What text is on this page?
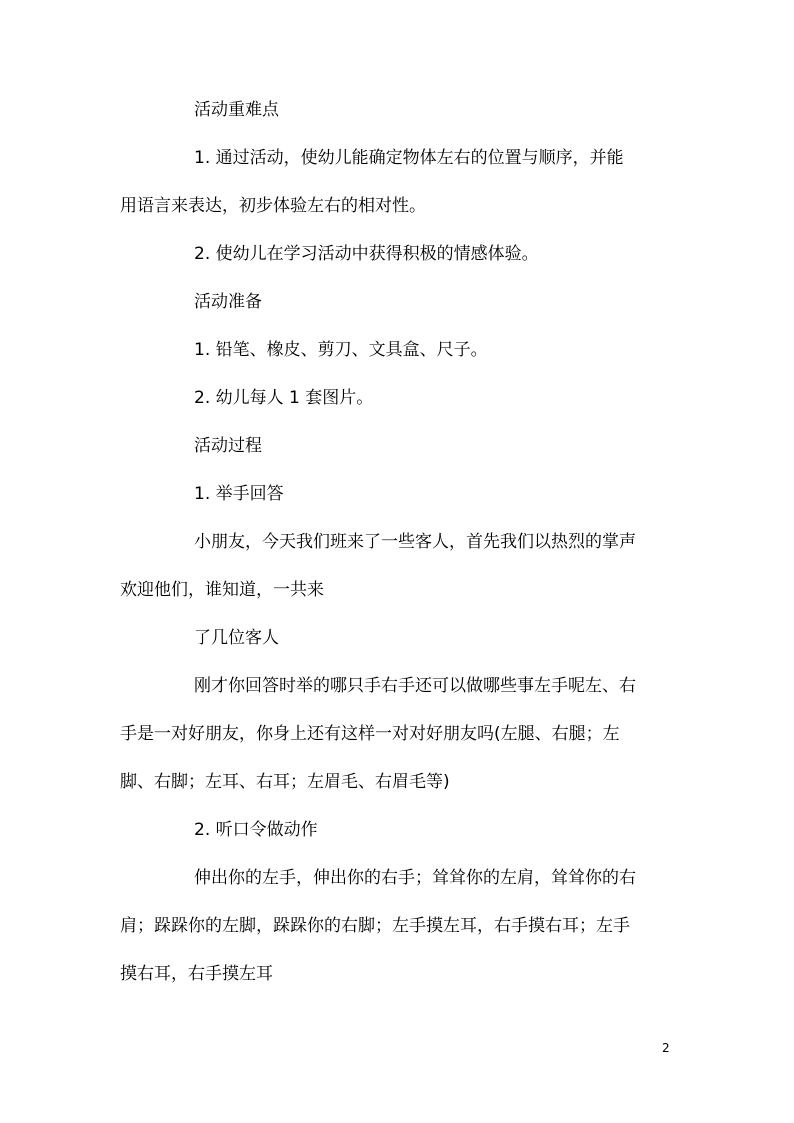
活动重难点

1. 通过活动，使幼儿能确定物体左右的位置与顺序，并能
用语言来表达，初步体验左右的相对性。

2. 使幼儿在学习活动中获得积极的情感体验。

活动准备

1. 铅笔、橡皮、剪刀、文具盒、尺子。

2. 幼儿每人 1 套图片。

活动过程

1. 举手回答

小朋友，今天我们班来了一些客人，首先我们以热烈的掌声
欢迎他们，谁知道，一共来

了几位客人

刚才你回答时举的哪只手右手还可以做哪些事左手呢左、右
手是一对好朋友，你身上还有这样一对对好朋友吗(左腿、右腿；左
脚、右脚；左耳、右耳；左眉毛、右眉毛等)

2. 听口令做动作

伸出你的左手，伸出你的右手；耸耸你的左肩，耸耸你的右
肩；跺跺你的左脚，跺跺你的右脚；左手摸左耳，右手摸右耳；左手
摸右耳，右手摸左耳

2
